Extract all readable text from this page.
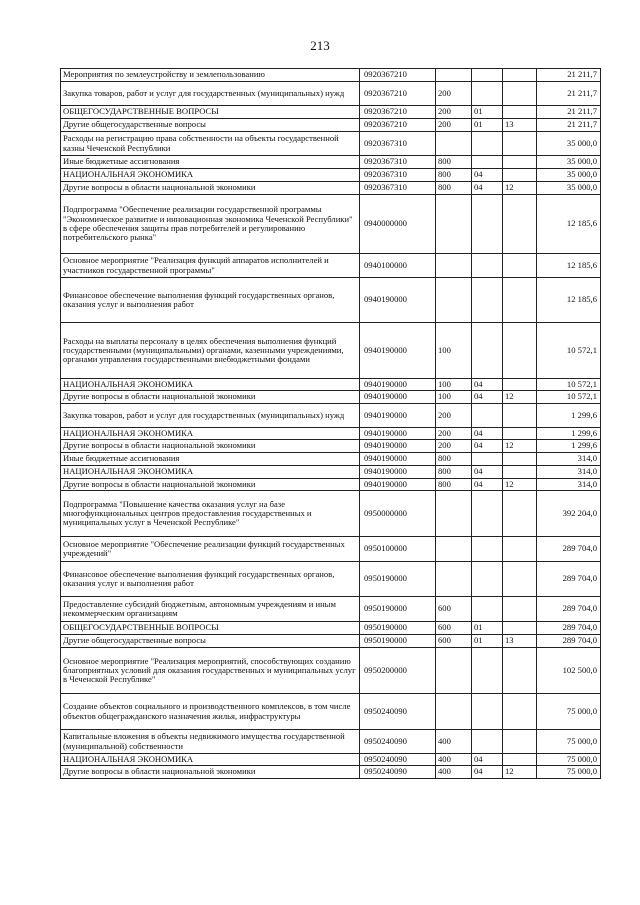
213
Мероприятия по землеустройству и землепользованию	0920367210				21 211,7
Закупка товаров, работ и услуг для государственных (муниципальных) нужд	0920367210	200			21 211,7
ОБЩЕГОСУДАРСТВЕННЫЕ ВОПРОСЫ	0920367210	200	01		21 211,7
Другие общегосударственные вопросы	0920367210	200	01	13	21 211,7
Расходы на регистрацию права собственности на объекты государственной казны Чеченской Республики	0920367310				35 000,0
Иные бюджетные ассигнования	0920367310	800			35 000,0
НАЦИОНАЛЬНАЯ ЭКОНОМИКА	0920367310	800	04		35 000,0
Другие вопросы в области национальной экономики	0920367310	800	04	12	35 000,0
Подпрограмма "Обеспечение реализации государственной программы "Экономическое развитие и инновационная экономика Чеченской Республики" в сфере обеспечения защиты прав потребителей и регулированию потребительского рынка"	0940000000				12 185,6
Основное мероприятие "Реализация функций аппаратов исполнителей и участников государственной программы"	0940100000				12 185,6
Финансовое обеспечение выполнения функций государственных органов, оказания услуг и выполнения работ	0940190000				12 185,6
Расходы на выплаты персоналу в целях обеспечения выполнения функций государственными (муниципальными) органами, казенными учреждениями, органами управления государственными внебюджетными фондами	0940190000	100			10 572,1
НАЦИОНАЛЬНАЯ ЭКОНОМИКА	0940190000	100	04		10 572,1
Другие вопросы в области национальной экономики	0940190000	100	04	12	10 572,1
Закупка товаров, работ и услуг для государственных (муниципальных) нужд	0940190000	200			1 299,6
НАЦИОНАЛЬНАЯ ЭКОНОМИКА	0940190000	200	04		1 299,6
Другие вопросы в области национальной экономики	0940190000	200	04	12	1 299,6
Иные бюджетные ассигнования	0940190000	800			314,0
НАЦИОНАЛЬНАЯ ЭКОНОМИКА	0940190000	800	04		314,0
Другие вопросы в области национальной экономики	0940190000	800	04	12	314,0
Подпрограмма "Повышение качества оказания услуг на базе многофункциональных центров предоставления государственных и муниципальных услуг в Чеченской Республике"	0950000000				392 204,0
Основное мероприятие "Обеспечение реализации функций государственных учреждений"	0950100000				289 704,0
Финансовое обеспечение выполнения функций государственных органов, оказания услуг и выполнения работ	0950190000				289 704,0
Предоставление субсидий бюджетным, автономным учреждениям и иным некоммерческим организациям	0950190000	600			289 704,0
ОБЩЕГОСУДАРСТВЕННЫЕ ВОПРОСЫ	0950190000	600	01		289 704,0
Другие общегосударственные вопросы	0950190000	600	01	13	289 704,0
Основное мероприятие "Реализация мероприятий, способствующих созданию благоприятных условий для оказания государственных и муниципальных услуг в Чеченской Республике"	0950200000				102 500,0
Создание объектов социального и производственного комплексов, в том числе объектов общегражданского назначения жилья, инфраструктуры	0950240090				75 000,0
Капитальные вложения в объекты недвижимого имущества государственной (муниципальной) собственности	0950240090	400			75 000,0
НАЦИОНАЛЬНАЯ ЭКОНОМИКА	0950240090	400	04		75 000,0
Другие вопросы в области национальной экономики	0950240090	400	04	12	75 000,0
